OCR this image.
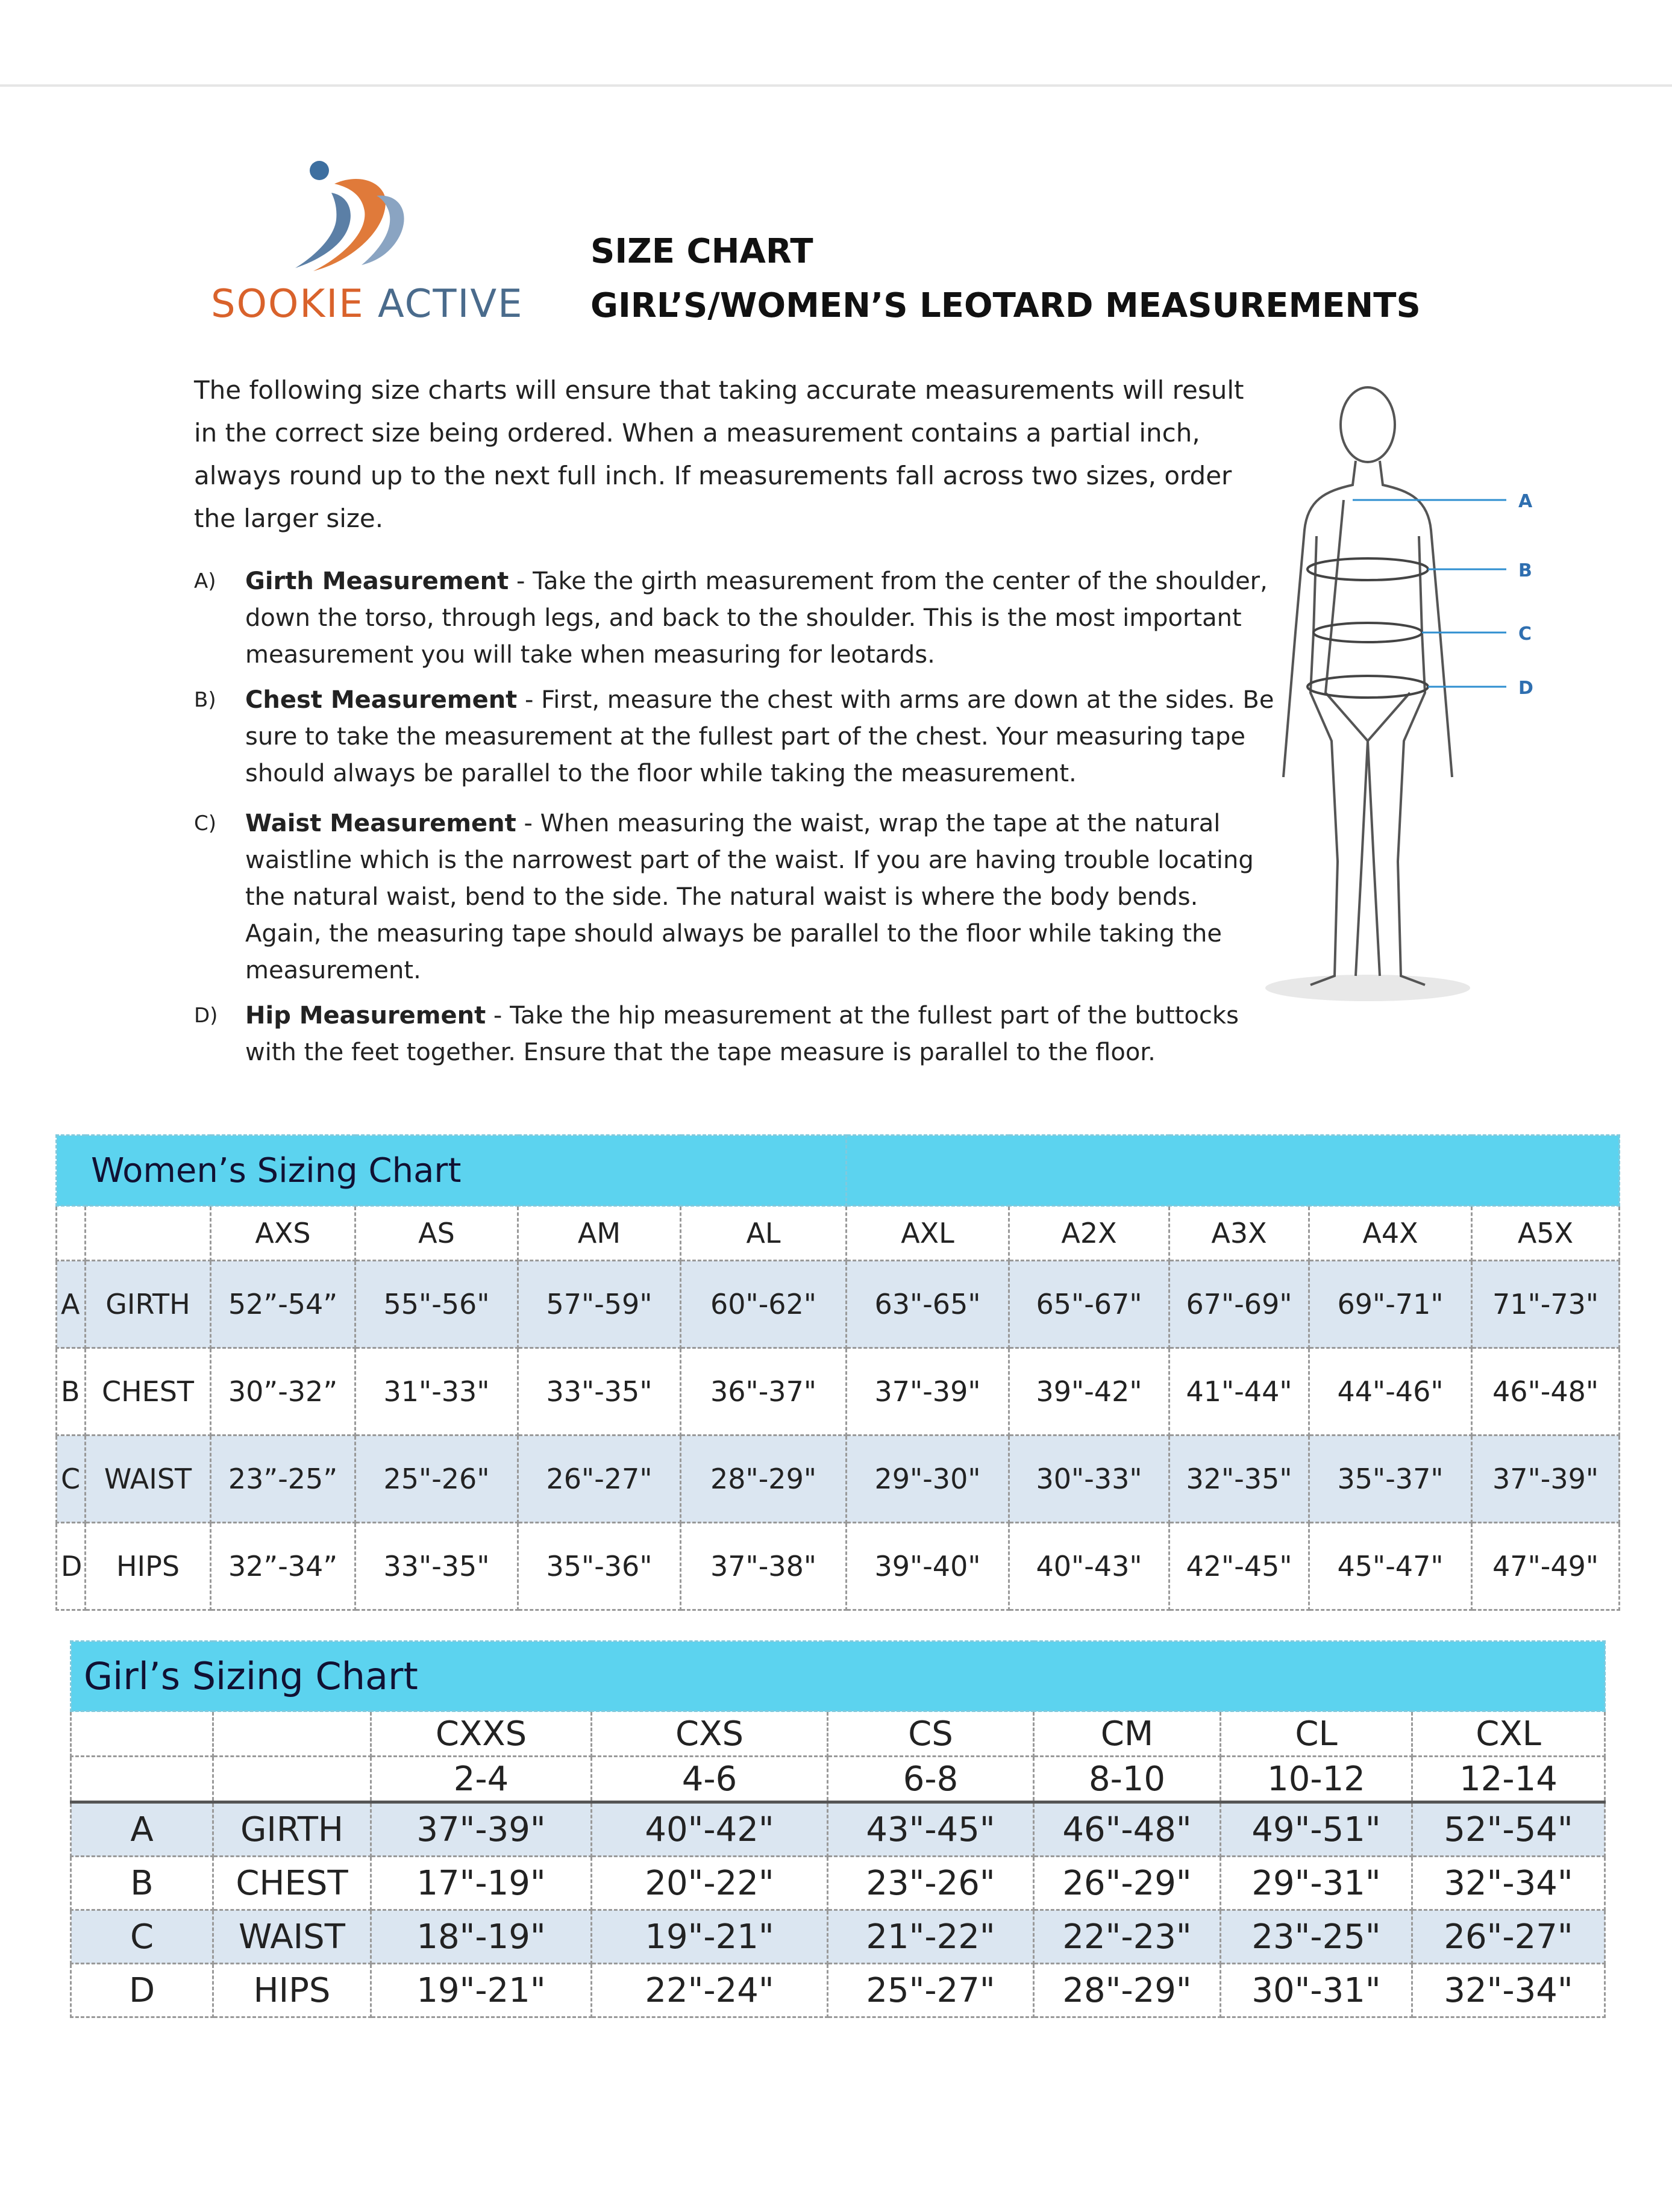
SOOKIE ACTIVE
SIZE CHART
GIRL’S/WOMEN’S LEOTARD MEASUREMENTS
The following size charts will ensure that taking accurate measurements will result
in the correct size being ordered. When a measurement contains a partial inch,
always round up to the next full inch. If measurements fall across two sizes, order
the larger size.
A) Girth Measurement - Take the girth measurement from the center of the shoulder, down the torso, through legs, and back to the shoulder. This is the most important measurement you will take when measuring for leotards.
B) Chest Measurement - First, measure the chest with arms are down at the sides. Be sure to take the measurement at the fullest part of the chest. Your measuring tape should always be parallel to the floor while taking the measurement.
C) Waist Measurement - When measuring the waist, wrap the tape at the natural waistline which is the narrowest part of the waist. If you are having trouble locating the natural waist, bend to the side. The natural waist is where the body bends. Again, the measuring tape should always be parallel to the floor while taking the measurement.
D) Hip Measurement - Take the hip measurement at the fullest part of the buttocks with the feet together. Ensure that the tape measure is parallel to the floor.
A
B
C
D
Women’s Sizing Chart										
		AXS	AS	AM	AL	AXL	A2X	A3X	A4X	A5X
A	GIRTH	52”-54”	55"-56"	57"-59"	60"-62"	63"-65"	65"-67"	67"-69"	69"-71"	71"-73"
B	CHEST	30”-32”	31"-33"	33"-35"	36"-37"	37"-39"	39"-42"	41"-44"	44"-46"	46"-48"
C	WAIST	23”-25”	25"-26"	26"-27"	28"-29"	29"-30"	30"-33"	32"-35"	35"-37"	37"-39"
D	HIPS	32”-34”	33"-35"	35"-36"	37"-38"	39"-40"	40"-43"	42"-45"	45"-47"	47"-49"
Girl’s Sizing Chart							
		CXXS	CXS	CS	CM	CL	CXL
		2-4	4-6	6-8	8-10	10-12	12-14
A	GIRTH	37"-39"	40"-42"	43"-45"	46"-48"	49"-51"	52"-54"
B	CHEST	17"-19"	20"-22"	23"-26"	26"-29"	29"-31"	32"-34"
C	WAIST	18"-19"	19"-21"	21"-22"	22"-23"	23"-25"	26"-27"
D	HIPS	19"-21"	22"-24"	25"-27"	28"-29"	30"-31"	32"-34"
